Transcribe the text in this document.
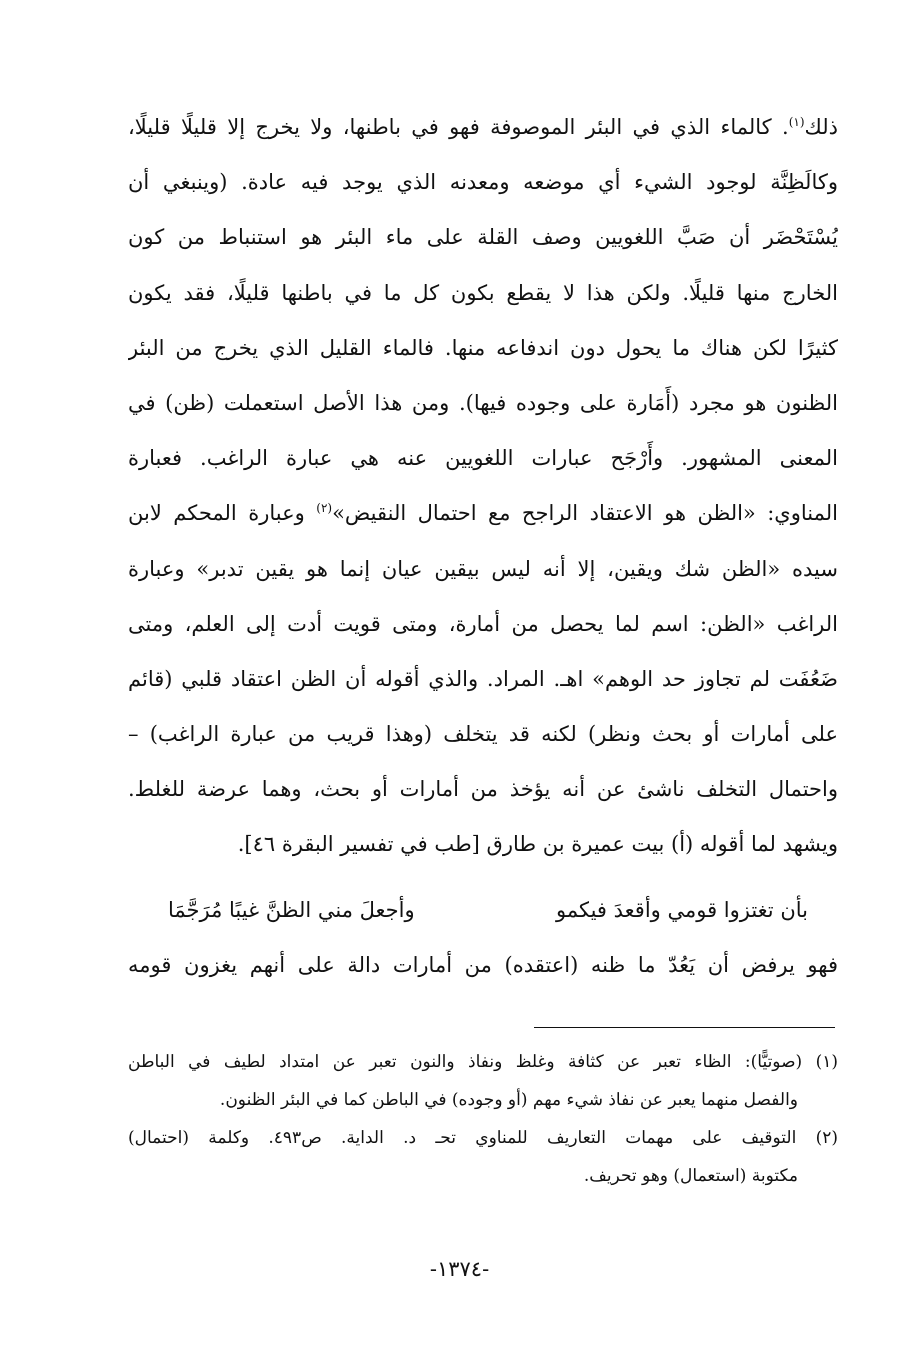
ذلك$^{(١)}$. كالماء الذي في البئر الموصوفة فهو في باطنها، ولا يخرج إلا قليلًا قليلًا،
وكالَظِنَّة لوجود الشيء أي موضعه ومعدنه الذي يوجد فيه عادة. (وينبغي أن
يُسْتَحْضَر أن صَبَّ اللغويين وصف القلة على ماء البئر هو استنباط من كون
الخارج منها قليلًا. ولكن هذا لا يقطع بكون كل ما في باطنها قليلًا، فقد يكون
كثيرًا لكن هناك ما يحول دون اندفاعه منها. فالماء القليل الذي يخرج من البئر
الظنون هو مجرد (أَمَارة على وجوده فيها). ومن هذا الأصل استعملت (ظن) في
المعنى المشهور. وأَرْجَح عبارات اللغويين عنه هي عبارة الراغب. فعبارة
المناوي: «الظن هو الاعتقاد الراجح مع احتمال النقيض»$^{(٢)}$ وعبارة المحكم لابن
سيده «الظن شك ويقين، إلا أنه ليس بيقين عيان إنما هو يقين تدبر» وعبارة
الراغب «الظن: اسم لما يحصل من أمارة، ومتى قويت أدت إلى العلم، ومتى
ضَعُفَت لم تجاوز حد الوهم» اهـ. المراد. والذي أقوله أن الظن اعتقاد قلبي (قائم
على أمارات أو بحث ونظر) لكنه قد يتخلف (وهذا قريب من عبارة الراغب) –
واحتمال التخلف ناشئ عن أنه يؤخذ من أمارات أو بحث، وهما عرضة للغلط.
ويشهد لما أقوله (أ) بيت عميرة بن طارق [طب في تفسير البقرة ٤٦].
بأن تغتزوا قومي وأقعدَ فيكمو
وأجعلَ مني الظنَّ غيبًا مُرَجَّمَا
فهو يرفض أن يَعُدّ ما ظنه (اعتقده) من أمارات دالة على أنهم يغزون قومه
(١) (صوتيًّا): الظاء تعبر عن كثافة وغلظ ونفاذ والنون تعبر عن امتداد لطيف في الباطن
والفصل منهما يعبر عن نفاذ شيء مهم (أو وجوده) في الباطن كما في البئر الظنون.
(٢) التوقيف على مهمات التعاريف للمناوي تحـ د. الداية. ص٤٩٣. وكلمة (احتمال)
مكتوبة (استعمال) وهو تحريف.
-١٣٧٤-
